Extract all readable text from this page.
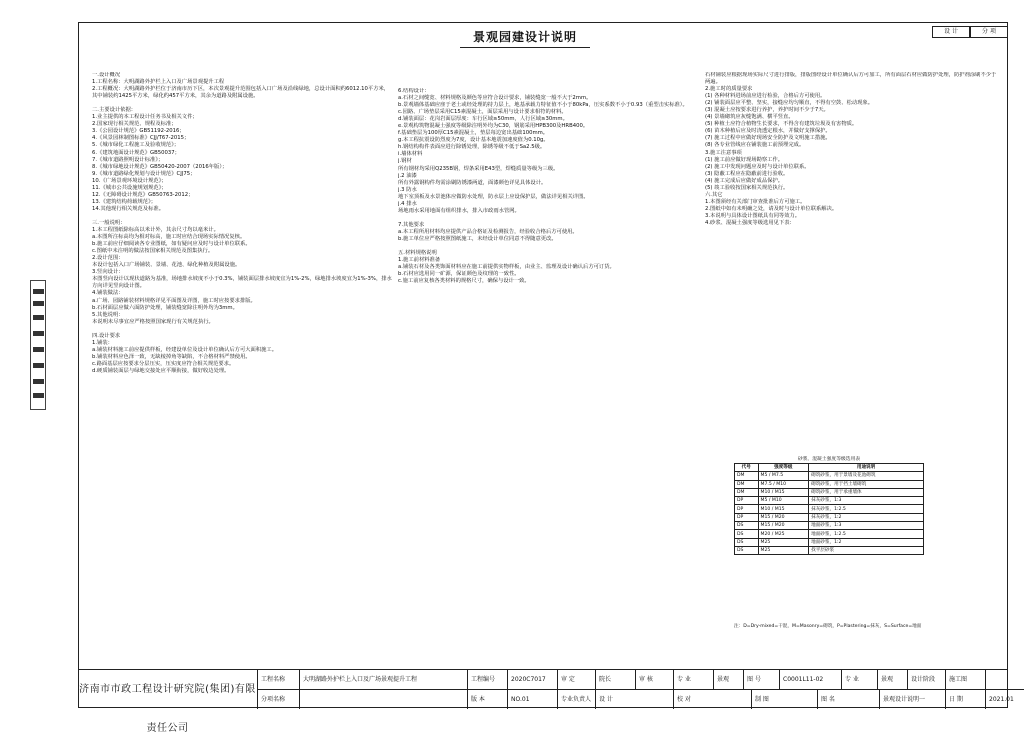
设 计	分 项
景观园建设计说明

一.设计概况

1.工程名称：大明湖路外护栏上入口及广场景观提升工程

2.工程概况：大明湖路外护栏位于济南市历下区，本次景观提升范围包括入口广场及沿线绿地，总设计面积约6012.10平方米，其中铺装约1425平方米，绿化约457平方米，其余为道路及附属设施。

二.主要设计依据：

1.业主提供的本工程设计任务书及相关文件；

2.国家现行相关规范、规程及标准；

3.《公园设计规范》GB51192-2016；

4.《风景园林制图标准》CJJ/T67-2015；

5.《城市绿化工程施工及验收规范》；

6.《建筑地面设计规范》GB50037；

7.《城市道路照明设计标准》；

8.《城市绿地设计规范》GB50420-2007（2016年版）；

9.《城市道路绿化规划与设计规范》CJJ75；

10.《广场景观环境设计规范》；

11.《城市公共设施规划规范》；

12.《无障碍设计规范》GB50763-2012；

13.《建筑结构荷载规范》；

14.其他现行相关规范及标准。

三.一般说明：

1.本工程图纸除标高以米计外，其余尺寸均以毫米计。

a.本图所注标高均为相对标高，施工时应结合现场实际情况复核。

b.施工前应仔细阅读各专业图纸，如有疑问应及时与设计单位联系。

c.图纸中未注明的做法按国家相关规范及图集执行。

2.设计范围：

本设计包括入口广场铺装、景墙、花池、绿化种植及附属设施。

3.竖向设计：

本图竖向设计以现状道路为基准，场地排水坡度不小于0.3%，铺装面层排水坡度宜为1%-2%，绿地排水坡度宜为1%-3%，排水方向详见竖向设计图。

4.铺装做法：

a.广场、园路铺装材料规格详见平面图及详图，施工时应按要求排版。

b.石材面层应做六面防护处理，铺装缝宽除注明外均为3mm。

5.其他说明：

本说明未尽事宜应严格按照国家现行有关规范执行。

四.设计要求

1.铺装：

a.铺装材料施工前应提供样板，经建设单位及设计单位确认后方可大面积施工。

b.铺装材料应色泽一致，无缺棱掉角等缺陷，不合格材料严禁使用。

c.路面基层应按要求分层压实，压实度应符合相关规范要求。

d.硬质铺装面层与绿地交接处应平顺衔接，做好收边处理。

6.结构设计：

a.石材之间缝宽、材料规格及颜色等应符合设计要求，铺装缝宽一般不大于2mm。

b.景观墙体基础应座于老土或经处理的持力层上，地基承载力特征值不小于80kPa，压实系数不小于0.93（重型击实标准）。

c.园路、广场垫层采用C15素混凝土，面层采用与设计要求相符的材料。

d.铺装面层：花岗岩面层厚度：车行区域≥50mm，人行区域≥30mm。

e.景观构筑物混凝土强度等级除注明外均为C30，钢筋采用HPB300及HRB400。

f.基础垫层为100厚C15素混凝土，垫层每边宽出基础100mm。

g.本工程抗震设防烈度为7度，设计基本地震加速度值为0.10g。

h.钢结构构件表面应进行除锈处理，除锈等级不低于Sa2.5级。

i.墙体材料

j.钢材

所有钢材均采用Q235B钢，焊条采用E43型，焊缝质量等级为三级。

j.2 油漆

所有外露钢构件均需涂刷防锈漆两道，面漆颜色详见具体设计。

j.3 防水

地下室顶板及水景池体应做防水处理，防水层上应设保护层，做法详见相关详图。

j.4 排水

场地雨水采用地面有组织排水，排入市政雨水管网。

7.其他要求

a.本工程所用材料均应提供产品合格证及检测报告，经验收合格后方可使用。

b.施工单位应严格按照图纸施工，未经设计单位同意不得随意更改。

五.材料规格说明

1.施工前材料准备

a.铺装石材及各类饰面材料应在施工前提供实物样板，由业主、监理及设计确认后方可订货。

b.石材应选用同一矿源，保证颜色及纹理的一致性。

c.施工前应复核各类材料的规格尺寸，确保与设计一致。

石材铺装应根据现场实际尺寸进行排版，排版图经设计单位确认后方可加工，所有面层石材应做防护处理，防护剂涂刷不少于两遍。

2.施工时的质量要求

(1) 各种材料进场前应进行检验，合格后方可使用。

(2) 铺装面层应平整、坚实，接缝应均匀顺直，不得有空鼓、松动现象。

(3) 混凝土应按要求进行养护，养护时间不少于7天。

(4) 景墙砌筑应灰缝饱满、横平竖直。

(5) 种植土应符合植物生长要求，不得含有建筑垃圾及有害物质。

(6) 苗木种植后应及时浇透定根水，并做好支撑保护。

(7) 施工过程中应做好现场安全防护及文明施工措施。

(8) 各专业管线应在铺装施工前预埋完成。

3.施工注意事项

(1) 施工前应做好现场勘察工作。

(2) 施工中发现问题应及时与设计单位联系。

(3) 隐蔽工程应在隐蔽前进行验收。

(4) 施工完成后应做好成品保护。

(5) 竣工验收按国家相关规范执行。

六.其它

1.本图须经有关部门审查批准后方可施工。

2.图纸中如有未明确之处，请及时与设计单位联系解决。

3.本说明与具体设计图纸具有同等效力。

4.砂浆、混凝土强度等级选用见下表：

砂浆、混凝土强度等级选用表
代号	强度等级	用途说明
DM	M5 / M7.5	砌筑砂浆，用于景墙及花池砌筑
DM	M7.5 / M10	砌筑砂浆，用于挡土墙砌筑
DM	M10 / M15	砌筑砂浆，用于承重墙体
DP	M5 / M10	抹灰砂浆，1:3
DP	M10 / M15	抹灰砂浆，1:2.5
DP	M15 / M20	抹灰砂浆，1:2
DS	M15 / M20	地面砂浆，1:3
DS	M20 / M25	地面砂浆，1:2.5
DS	M25	地面砂浆，1:2
DS	M25	找平层砂浆
注：D=Dry-mixed=干混，M=Masonry=砌筑，P=Plastering=抹灰，S=Surface=地面
济南市市政工程设计研究院(集团)有限责任公司
工程名称	大明湖路外护栏上入口及广场景观提升工程	工程编号	2020C7017	审 定	院长	审 核	专 业	景观	图 号	C0001L11-02	专 业	景观	设计阶段	施工图
分项名称	版 本	NO.01	专业负责人	设 计	校 对	制 图	图 名	景观设计说明一	日 期	2021.01
